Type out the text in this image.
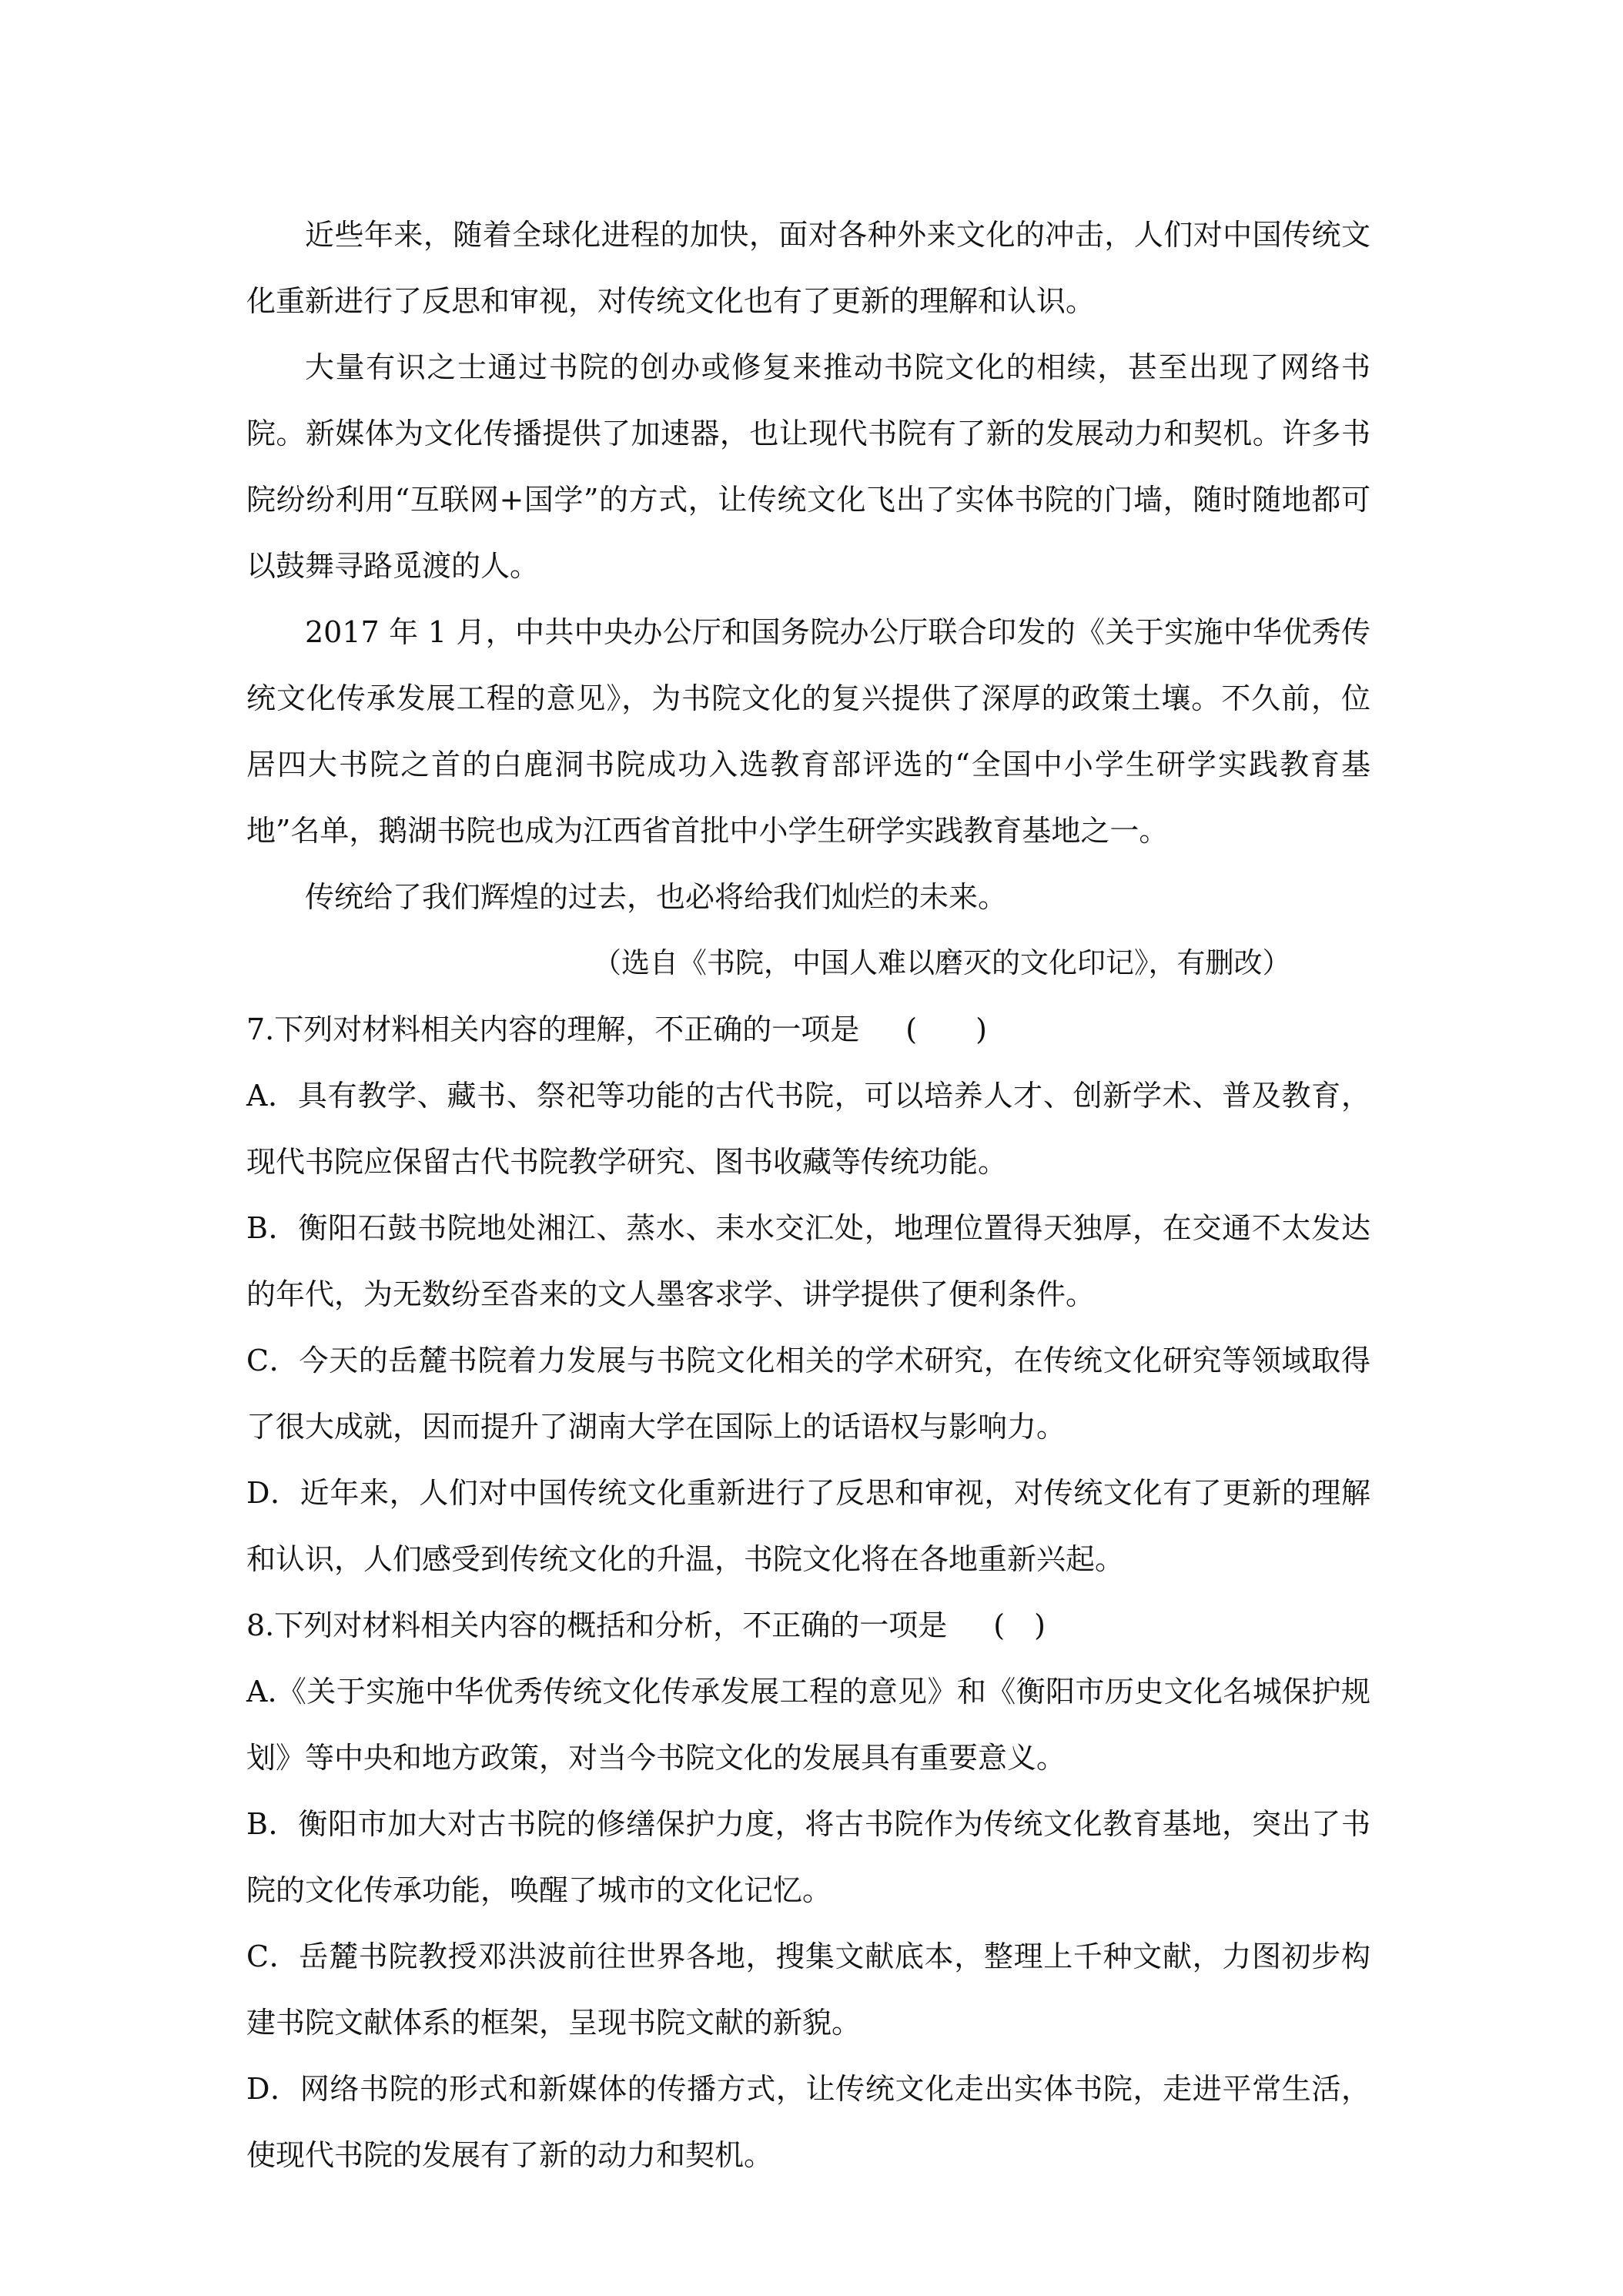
近些年来，随着全球化进程的加快，面对各种外来文化的冲击，人们对中国传统文化重新进行了反思和审视，对传统文化也有了更新的理解和认识。

大量有识之士通过书院的创办或修复来推动书院文化的相续，甚至出现了网络书院。新媒体为文化传播提供了加速器，也让现代书院有了新的发展动力和契机。许多书院纷纷利用“互联网+国学”的方式，让传统文化飞出了实体书院的门墙，随时随地都可以鼓舞寻路觅渡的人。

2017 年 1 月，中共中央办公厅和国务院办公厅联合印发的《关于实施中华优秀传统文化传承发展工程的意见》，为书院文化的复兴提供了深厚的政策土壤。不久前，位居四大书院之首的白鹿洞书院成功入选教育部评选的“全国中小学生研学实践教育基地”名单，鹅湖书院也成为江西省首批中小学生研学实践教育基地之一。

传统给了我们辉煌的过去，也必将给我们灿烂的未来。

（选自《书院，中国人难以磨灭的文化印记》，有删改）

7.下列对材料相关内容的理解，不正确的一项是 (　　)

A．具有教学、藏书、祭祀等功能的古代书院，可以培养人才、创新学术、普及教育，现代书院应保留古代书院教学研究、图书收藏等传统功能。

B．衡阳石鼓书院地处湘江、蒸水、耒水交汇处，地理位置得天独厚，在交通不太发达的年代，为无数纷至沓来的文人墨客求学、讲学提供了便利条件。

C．今天的岳麓书院着力发展与书院文化相关的学术研究，在传统文化研究等领域取得了很大成就，因而提升了湖南大学在国际上的话语权与影响力。

D．近年来，人们对中国传统文化重新进行了反思和审视，对传统文化有了更新的理解和认识，人们感受到传统文化的升温，书院文化将在各地重新兴起。

8.下列对材料相关内容的概括和分析，不正确的一项是 (　)

A.《关于实施中华优秀传统文化传承发展工程的意见》和《衡阳市历史文化名城保护规划》等中央和地方政策，对当今书院文化的发展具有重要意义。

B．衡阳市加大对古书院的修缮保护力度，将古书院作为传统文化教育基地，突出了书院的文化传承功能，唤醒了城市的文化记忆。

C．岳麓书院教授邓洪波前往世界各地，搜集文献底本，整理上千种文献，力图初步构建书院文献体系的框架，呈现书院文献的新貌。

D．网络书院的形式和新媒体的传播方式，让传统文化走出实体书院，走进平常生活，使现代书院的发展有了新的动力和契机。
